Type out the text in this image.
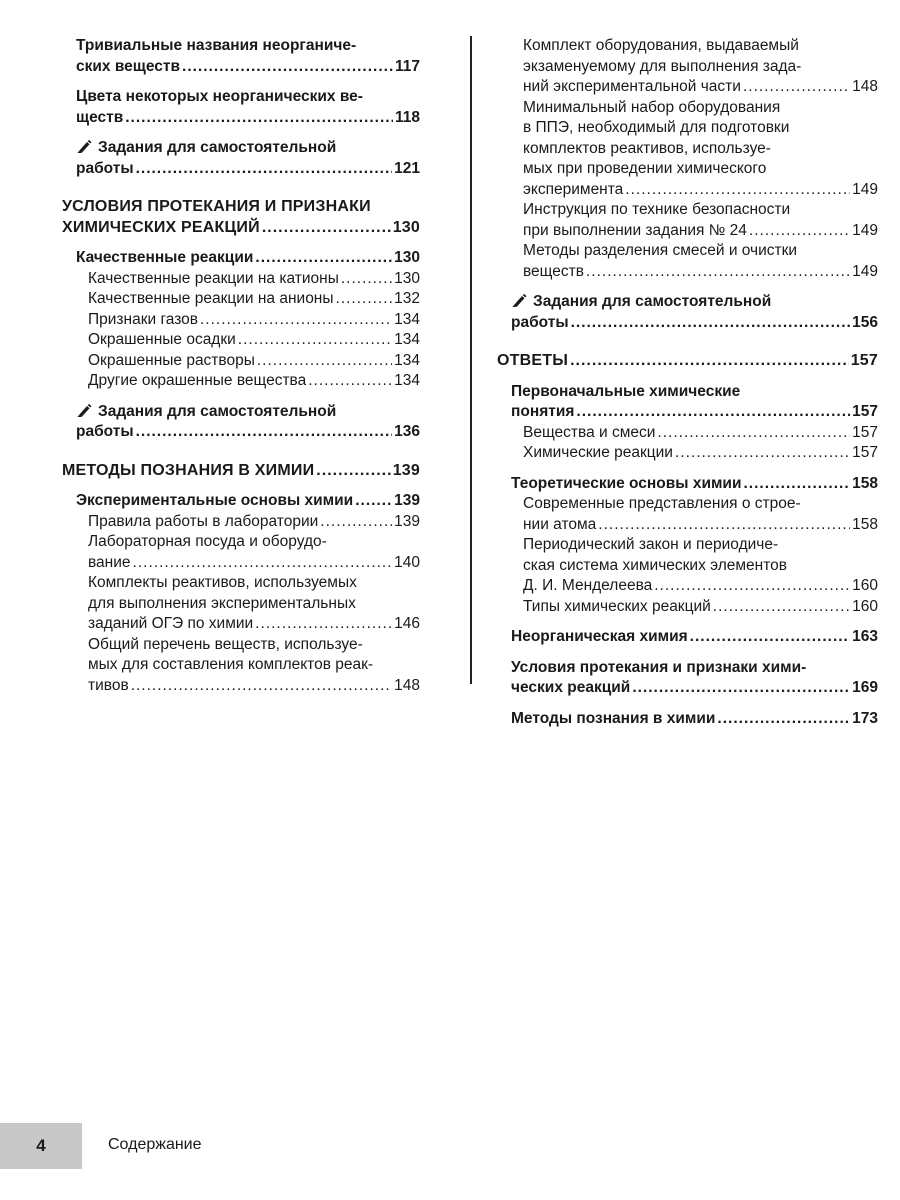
Тривиальные названия неорганиче-
ских веществ .....	117
Цвета некоторых неорганических ве-
ществ .....	118
Задания для самостоятельной
работы .....	121
УСЛОВИЯ ПРОТЕКАНИЯ И ПРИЗНАКИ
ХИМИЧЕСКИХ РЕАКЦИЙ .....	130
Качественные реакции .....	130
Качественные реакции на катионы .....	130
Качественные реакции на анионы .....	132
Признаки газов .....	134
Окрашенные осадки .....	134
Окрашенные растворы .....	134
Другие окрашенные вещества .....	134
Задания для самостоятельной
работы .....	136
МЕТОДЫ ПОЗНАНИЯ В ХИМИИ .....	139
Экспериментальные основы химии .....	139
Правила работы в лаборатории .....	139
Лабораторная посуда и оборудо-
вание .....	140
Комплекты реактивов, используемых
для выполнения экспериментальных
заданий ОГЭ по химии .....	146
Общий перечень веществ, используе-
мых для составления комплектов реак-
тивов .....	148
Комплект оборудования, выдаваемый
экзаменуемому для выполнения зада-
ний экспериментальной части .....	148
Минимальный набор оборудования
в ППЭ, необходимый для подготовки
комплектов реактивов, используе-
мых при проведении химического
эксперимента .....	149
Инструкция по технике безопасности
при выполнении задания № 24 .....	149
Методы разделения смесей и очистки
веществ .....	149
Задания для самостоятельной
работы .....	156
ОТВЕТЫ .....	157
Первоначальные химические
понятия .....	157
Вещества и смеси .....	157
Химические реакции .....	157
Теоретические основы химии .....	158
Современные представления о строе-
нии атома .....	158
Периодический закон и периодиче-
ская система химических элементов
Д. И. Менделеева .....	160
Типы химических реакций .....	160
Неорганическая химия .....	163
Условия протекания и признаки хими-
ческих реакций .....	169
Методы познания в химии .....	173
4	Содержание
